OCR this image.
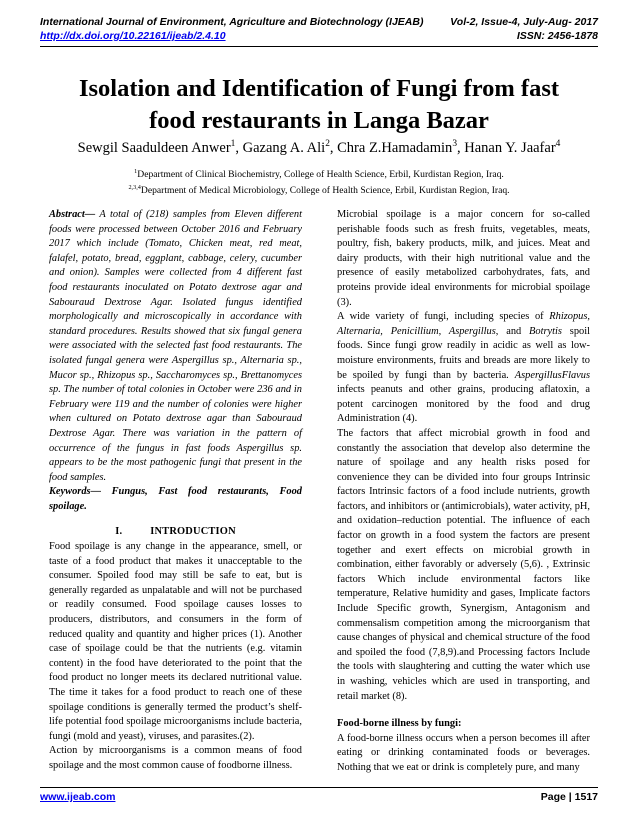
International Journal of Environment, Agriculture and Biotechnology (IJEAB)	Vol-2, Issue-4, July-Aug- 2017
http://dx.doi.org/10.22161/ijeab/2.4.10	ISSN: 2456-1878
Isolation and Identification of Fungi from fast
food restaurants in Langa Bazar
Sewgil Saaduldeen Anwer$^1$, Gazang A. Ali$^2$, Chra Z.Hamadamin$^3$, Hanan Y. Jaafar$^4$
$^1$Department of Clinical Biochemistry, College of Health Science, Erbil, Kurdistan Region, Iraq.
$^{2,3,4}$Department of Medical Microbiology, College of Health Science, Erbil, Kurdistan Region, Iraq.

Abstract— A total of (218) samples from Eleven different foods were processed between October 2016 and February 2017 which include (Tomato, Chicken meat, red meat, falafel, potato, bread, eggplant, cabbage, celery, cucumber and onion). Samples were collected from 4 different fast food restaurants inoculated on Potato dextrose agar and Sabouraud Dextrose Agar. Isolated fungus identified morphologically and microscopically in accordance with standard procedures. Results showed that six fungal genera were associated with the selected fast food restaurants. The isolated fungal genera were Aspergillus sp., Alternaria sp., Mucor sp., Rhizopus sp., Saccharomyces sp., Brettanomyces sp. The number of total colonies in October were 236 and in February were 119 and the number of colonies were higher when cultured on Potato dextrose agar than Sabouraud Dextrose Agar. There was variation in the pattern of occurrence of the fungus in fast foods Aspergillus sp. appears to be the most pathogenic fungi that present in the food samples.

Keywords— Fungus, Fast food restaurants, Food spoilage.

I.          INTRODUCTION

Food spoilage is any change in the appearance, smell, or taste of a food product that makes it unacceptable to the consumer. Spoiled food may still be safe to eat, but is generally regarded as unpalatable and will not be purchased or readily consumed. Food spoilage causes losses to producers, distributors, and consumers in the form of reduced quality and quantity and higher prices (1). Another case of spoilage could be that the nutrients (e.g. vitamin content) in the food have deteriorated to the point that the food product no longer meets its declared nutritional value. The time it takes for a food product to reach one of these spoilage conditions is generally termed the product’s shelf-life potential food spoilage microorganisms include bacteria, fungi (mold and yeast), viruses, and parasites.(2).

Action by microorganisms is a common means of food spoilage and the most common cause of foodborne illness.

Microbial spoilage is a major concern for so-called perishable foods such as fresh fruits, vegetables, meats, poultry, fish, bakery products, milk, and juices. Meat and dairy products, with their high nutritional value and the presence of easily metabolized carbohydrates, fats, and proteins provide ideal environments for microbial spoilage (3).

A wide variety of fungi, including species of Rhizopus, Alternaria, Penicillium, Aspergillus, and Botrytis spoil foods. Since fungi grow readily in acidic as well as low-moisture environments, fruits and breads are more likely to be spoiled by fungi than by bacteria. AspergillusFlavus infects peanuts and other grains, producing aflatoxin, a potent carcinogen monitored by the food and drug Administration (4).

The factors that affect microbial growth in food and constantly the association that develop also determine the nature of spoilage and any health risks posed for convenience they can be divided into four groups Intrinsic factors Intrinsic factors of a food include nutrients, growth factors, and inhibitors or (antimicrobials), water activity, pH, and oxidation–reduction potential. The influence of each factor on growth in a food system the factors are present together and exert effects on microbial growth in combination, either favorably or adversely (5,6). , Extrinsic factors Which include environmental factors like temperature, Relative humidity and gases, Implicate factors Include Specific growth, Synergism, Antagonism and commensalism competition among the microorganism that cause changes of physical and chemical structure of the food and spoiled the food (7,8,9).and Processing factors Include the tools with slaughtering and cutting the water which use in washing, vehicles which are used in transporting, and retail market (8).

Food-borne illness by fungi:

A food-borne illness occurs when a person becomes ill after eating or drinking contaminated foods or beverages. Nothing that we eat or drink is completely pure, and many

www.ijeab.com	Page | 1517
